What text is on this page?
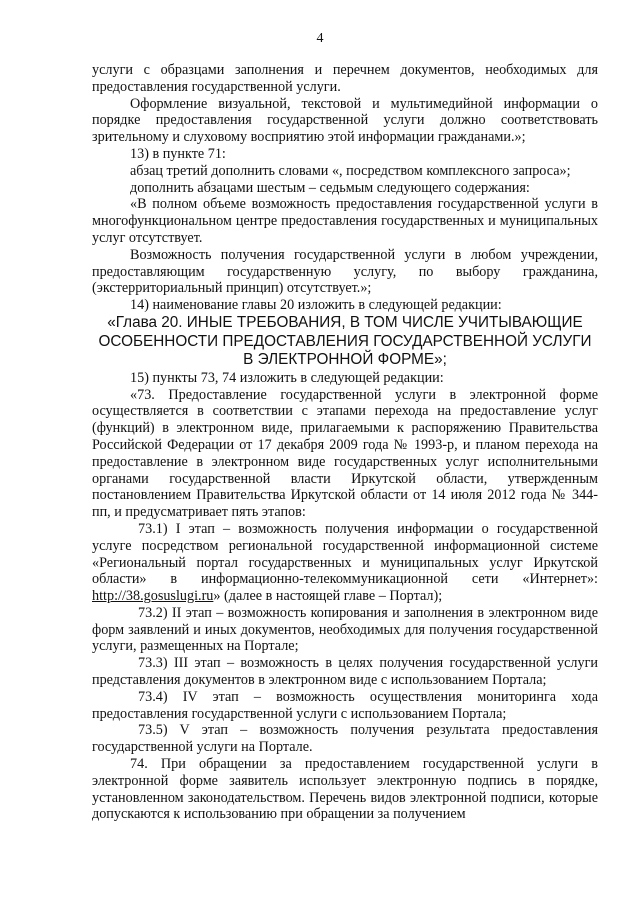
4

услуги с образцами заполнения и перечнем документов, необходимых для предоставления государственной услуги.

Оформление визуальной, текстовой и мультимедийной информации о порядке предоставления государственной услуги должно соответствовать зрительному и слуховому восприятию этой информации гражданами.»;

13) в пункте 71:

абзац третий дополнить словами «, посредством комплексного запроса»;

дополнить абзацами шестым – седьмым следующего содержания:

«В полном объеме возможность предоставления государственной услуги в многофункциональном центре предоставления государственных и муниципальных услуг отсутствует.

Возможность получения государственной услуги в любом учреждении, предоставляющим государственную услугу, по выбору гражданина, (экстерриториальный принцип) отсутствует.»;

14) наименование главы 20 изложить в следующей редакции:

«Глава 20. ИНЫЕ ТРЕБОВАНИЯ, В ТОМ ЧИСЛЕ УЧИТЫВАЮЩИЕ ОСОБЕННОСТИ ПРЕДОСТАВЛЕНИЯ ГОСУДАРСТВЕННОЙ УСЛУГИ В ЭЛЕКТРОННОЙ ФОРМЕ»;

15) пункты 73, 74 изложить в следующей редакции:

«73. Предоставление государственной услуги в электронной форме осуществляется в соответствии с этапами перехода на предоставление услуг (функций) в электронном виде, прилагаемыми к распоряжению Правительства Российской Федерации от 17 декабря 2009 года № 1993-р, и планом перехода на предоставление в электронном виде государственных услуг исполнительными органами государственной власти Иркутской области, утвержденным постановлением Правительства Иркутской области от 14 июля 2012 года № 344-пп, и предусматривает пять этапов:

73.1) I этап – возможность получения информации о государственной услуге посредством региональной государственной информационной системе «Региональный портал государственных и муниципальных услуг Иркутской области» в информационно-телекоммуникационной сети «Интернет»: http://38.gosuslugi.ru» (далее в настоящей главе – Портал);

73.2) II этап – возможность копирования и заполнения в электронном виде форм заявлений и иных документов, необходимых для получения государственной услуги, размещенных на Портале;

73.3) III этап – возможность в целях получения государственной услуги представления документов в электронном виде с использованием Портала;

73.4) IV этап – возможность осуществления мониторинга хода предоставления государственной услуги с использованием Портала;

73.5) V этап – возможность получения результата предоставления государственной услуги на Портале.

74. При обращении за предоставлением государственной услуги в электронной форме заявитель использует электронную подпись в порядке, установленном законодательством. Перечень видов электронной подписи, которые допускаются к использованию при обращении за получением
